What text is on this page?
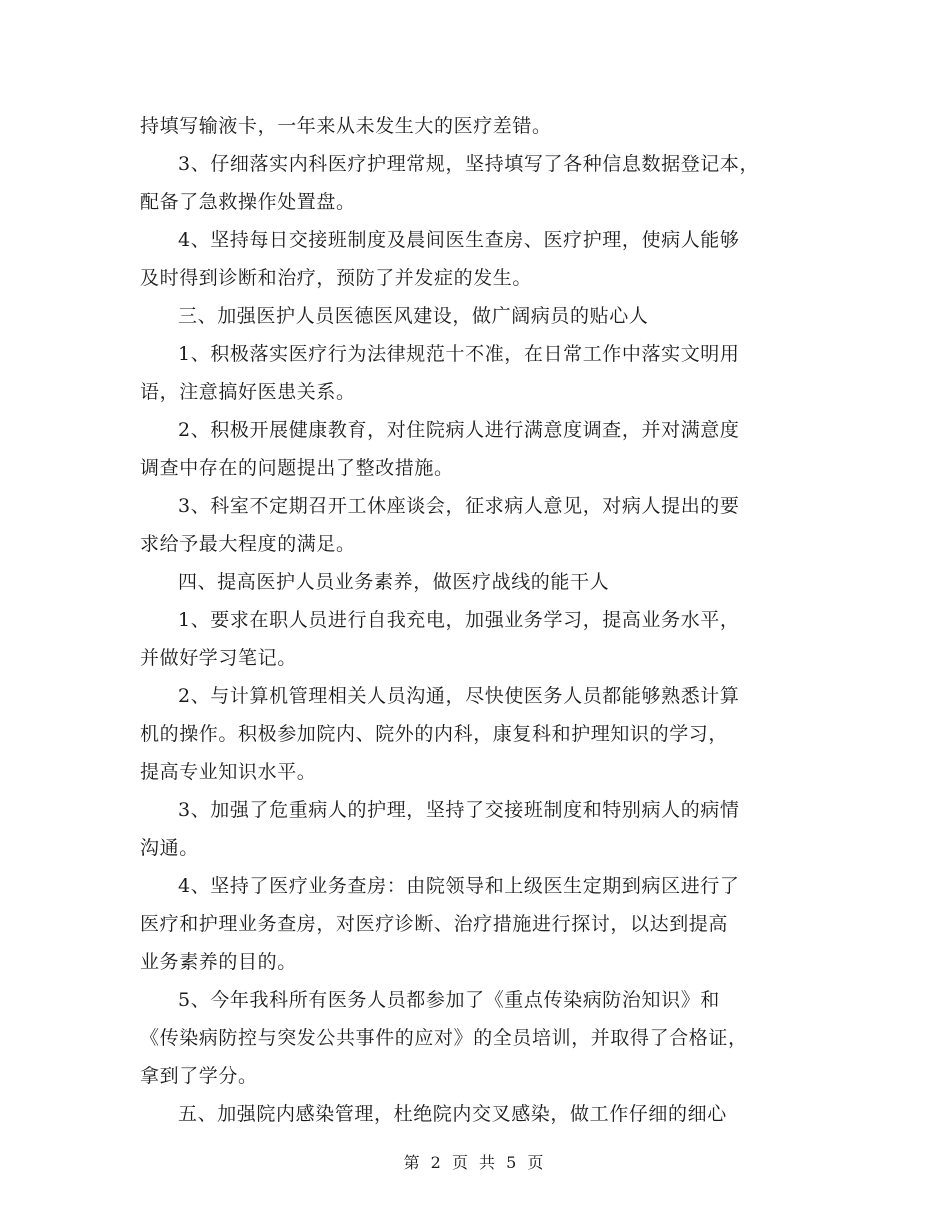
持填写输液卡，一年来从未发生大的医疗差错。
3、仔细落实内科医疗护理常规，坚持填写了各种信息数据登记本，
配备了急救操作处置盘。
4、坚持每日交接班制度及晨间医生查房、医疗护理，使病人能够
及时得到诊断和治疗，预防了并发症的发生。
三、加强医护人员医德医风建设，做广阔病员的贴心人
1、积极落实医疗行为法律规范十不准，在日常工作中落实文明用
语，注意搞好医患关系。
2、积极开展健康教育，对住院病人进行满意度调查，并对满意度
调查中存在的问题提出了整改措施。
3、科室不定期召开工休座谈会，征求病人意见，对病人提出的要
求给予最大程度的满足。
四、提高医护人员业务素养，做医疗战线的能干人
1、要求在职人员进行自我充电，加强业务学习，提高业务水平，
并做好学习笔记。
2、与计算机管理相关人员沟通，尽快使医务人员都能够熟悉计算
机的操作。积极参加院内、院外的内科，康复科和护理知识的学习，
提高专业知识水平。
3、加强了危重病人的护理，坚持了交接班制度和特别病人的病情
沟通。
4、坚持了医疗业务查房：由院领导和上级医生定期到病区进行了
医疗和护理业务查房，对医疗诊断、治疗措施进行探讨，以达到提高
业务素养的目的。
5、今年我科所有医务人员都参加了《重点传染病防治知识》和
《传染病防控与突发公共事件的应对》的全员培训，并取得了合格证，
拿到了学分。
五、加强院内感染管理，杜绝院内交叉感染，做工作仔细的细心
第 2 页 共 5 页
